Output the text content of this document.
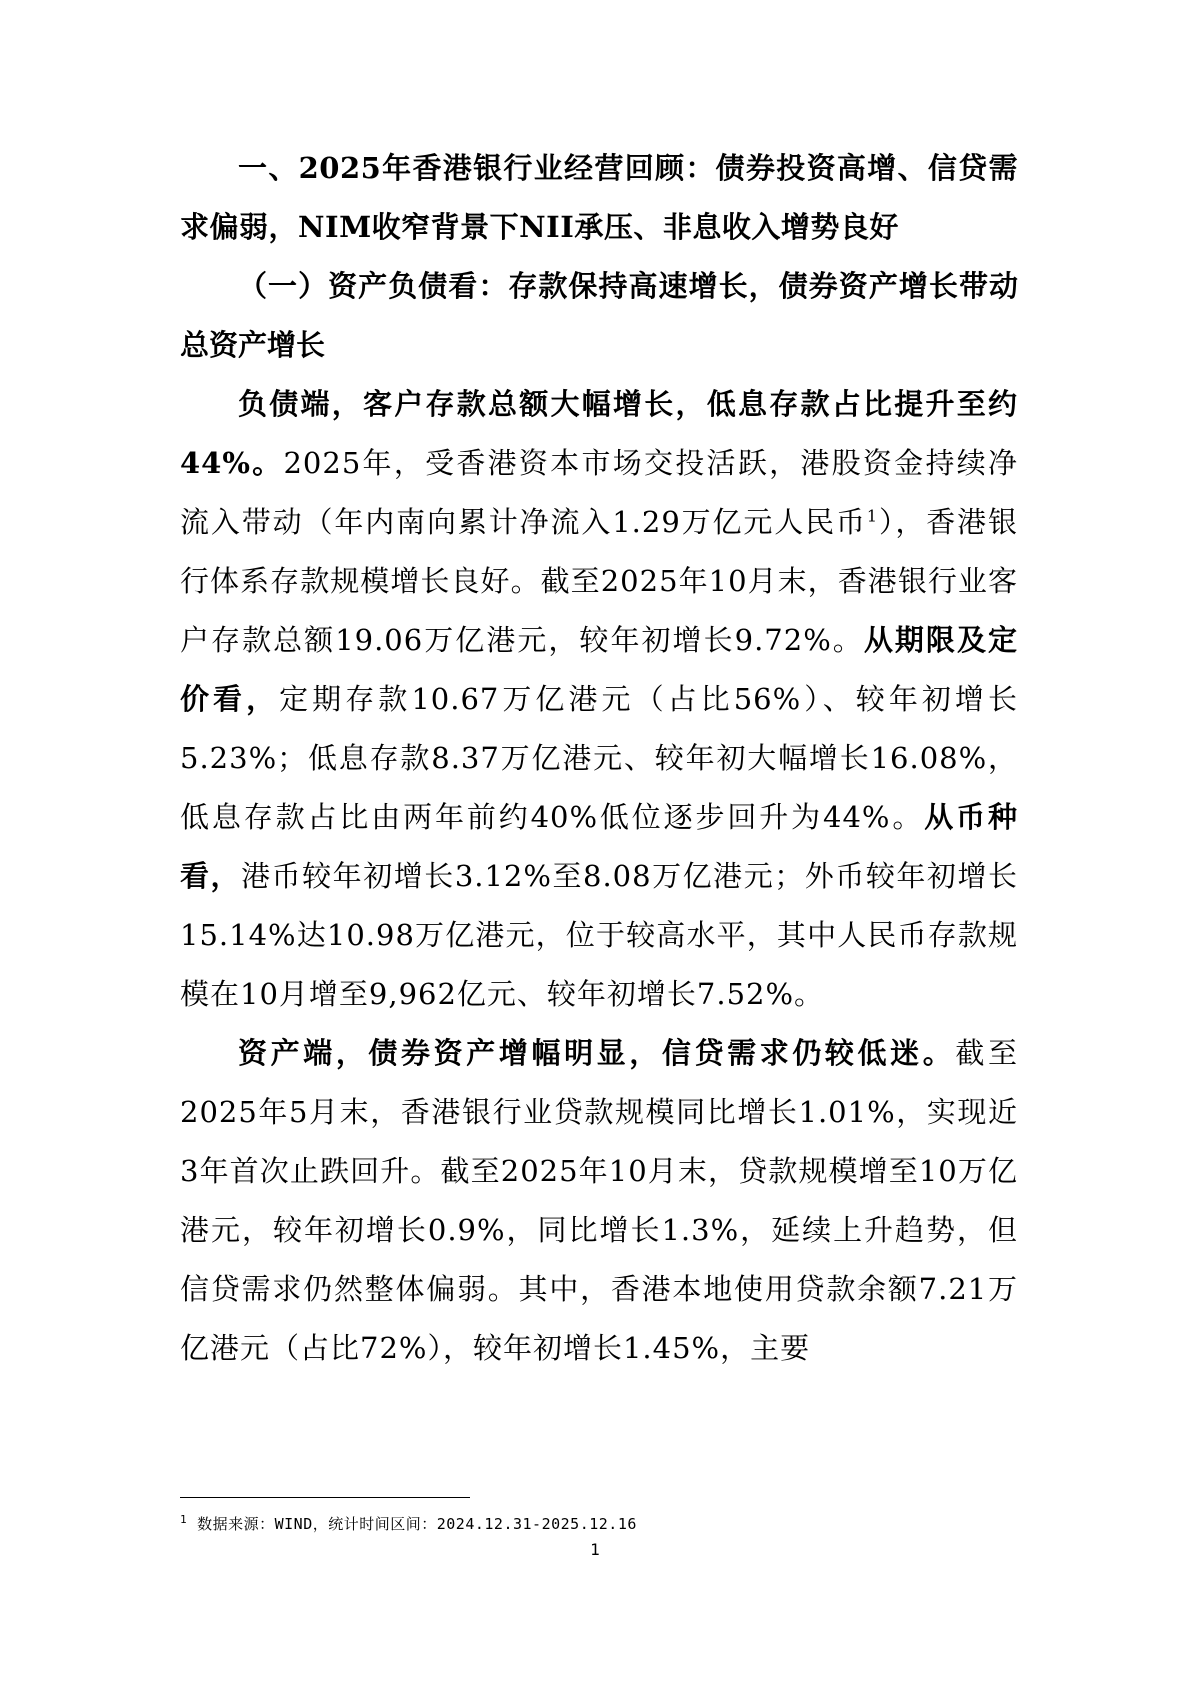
一、2025年香港银行业经营回顾：债券投资高增、信贷需求偏弱，NIM收窄背景下NII承压、非息收入增势良好

（一）资产负债看：存款保持高速增长，债券资产增长带动总资产增长

负债端，客户存款总额大幅增长，低息存款占比提升至约44%。2025年，受香港资本市场交投活跃，港股资金持续净流入带动（年内南向累计净流入1.29万亿元人民币$^1$），香港银行体系存款规模增长良好。截至2025年10月末，香港银行业客户存款总额19.06万亿港元，较年初增长9.72%。从期限及定价看，定期存款10.67万亿港元（占比56%）、较年初增长5.23%；低息存款8.37万亿港元、较年初大幅增长16.08%，低息存款占比由两年前约40%低位逐步回升为44%。从币种看，港币较年初增长3.12%至8.08万亿港元；外币较年初增长15.14%达10.98万亿港元，位于较高水平，其中人民币存款规模在10月增至9,962亿元、较年初增长7.52%。

资产端，债券资产增幅明显，信贷需求仍较低迷。截至2025年5月末，香港银行业贷款规模同比增长1.01%，实现近3年首次止跌回升。截至2025年10月末，贷款规模增至10万亿港元，较年初增长0.9%，同比增长1.3%，延续上升趋势，但信贷需求仍然整体偏弱。其中，香港本地使用贷款余额7.21万亿港元（占比72%），较年初增长1.45%，主要

$^1$ 数据来源：WIND，统计时间区间：2024.12.31-2025.12.16
1
